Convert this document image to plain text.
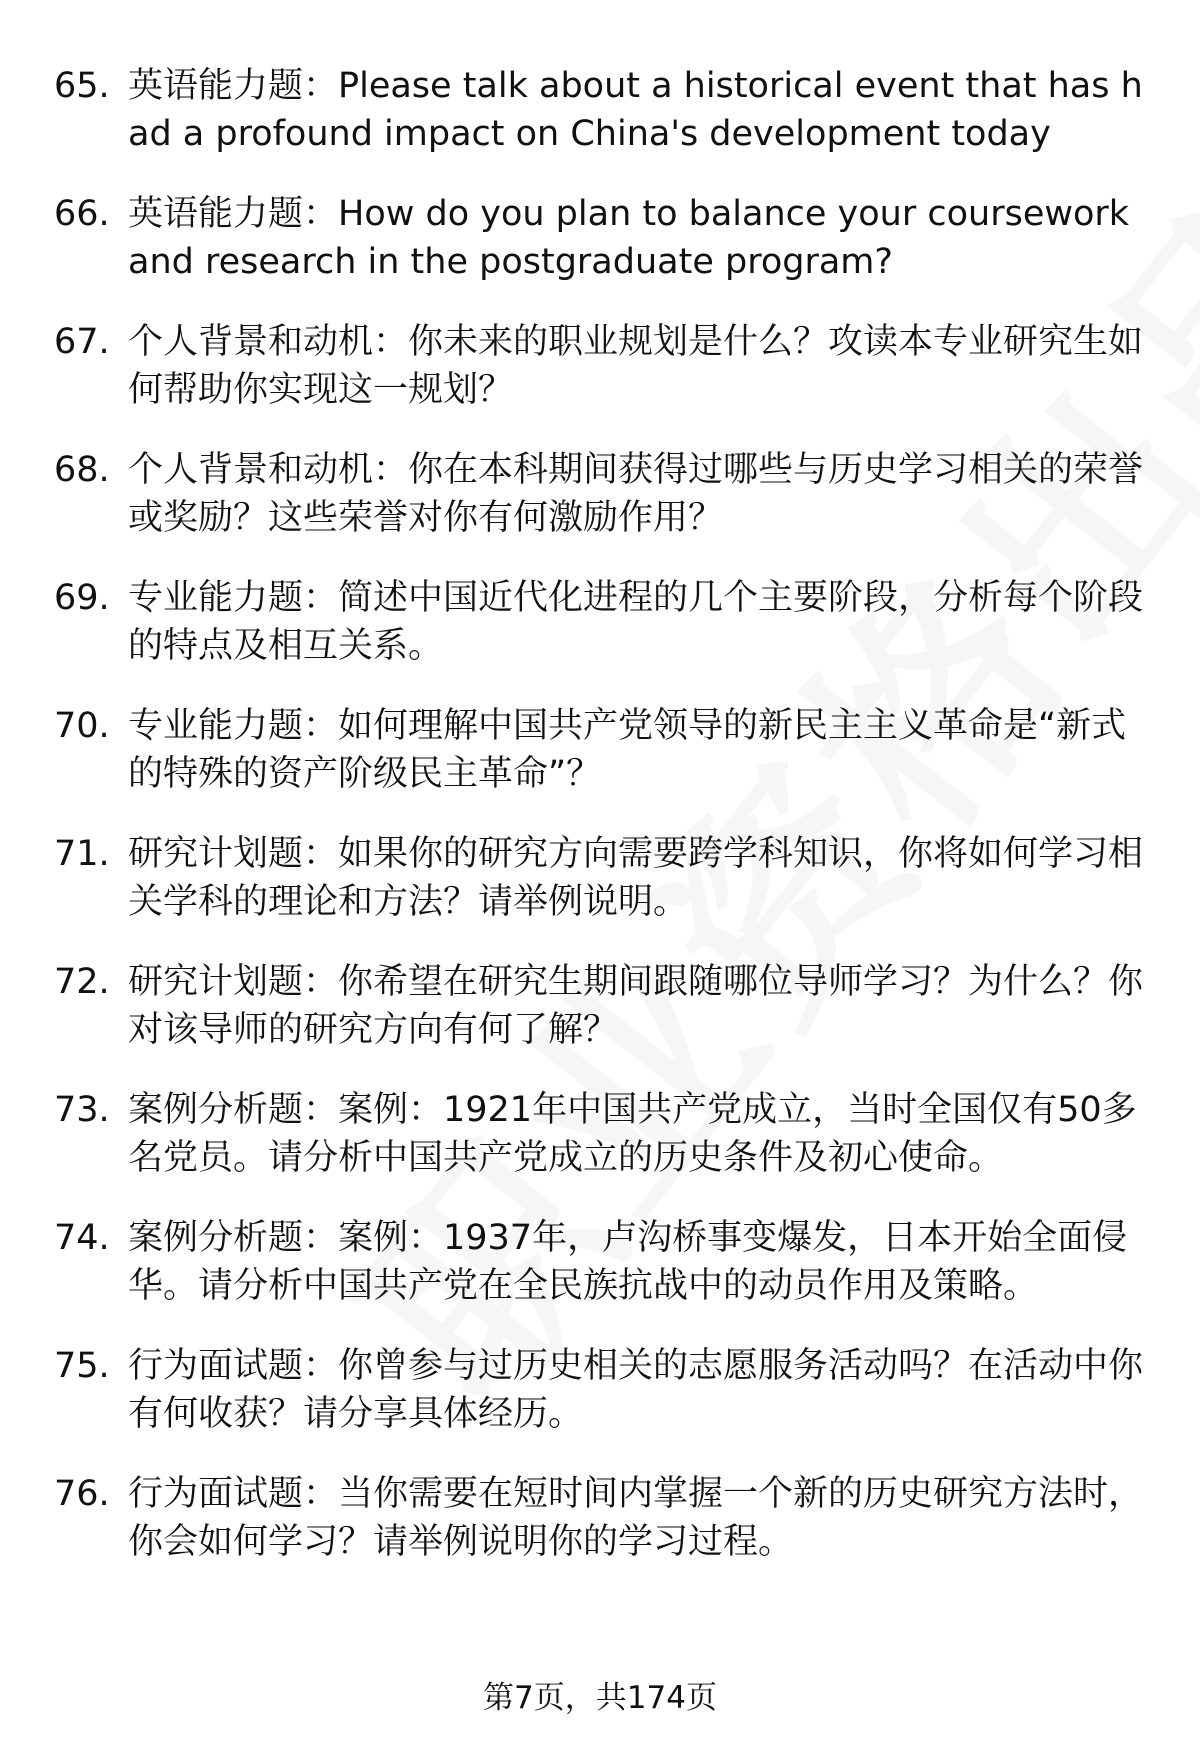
65. 英语能力题：Please talk about a historical event that has had a profound impact on China's development today
66. 英语能力题：How do you plan to balance your coursework and research in the postgraduate program?
67. 个人背景和动机：你未来的职业规划是什么？攻读本专业研究生如何帮助你实现这一规划？
68. 个人背景和动机：你在本科期间获得过哪些与历史学习相关的荣誉或奖励？这些荣誉对你有何激励作用？
69. 专业能力题：简述中国近代化进程的几个主要阶段，分析每个阶段的特点及相互关系。
70. 专业能力题：如何理解中国共产党领导的新民主主义革命是“新式的特殊的资产阶级民主革命”？
71. 研究计划题：如果你的研究方向需要跨学科知识，你将如何学习相关学科的理论和方法？请举例说明。
72. 研究计划题：你希望在研究生期间跟随哪位导师学习？为什么？你对该导师的研究方向有何了解？
73. 案例分析题：案例：1921年中国共产党成立，当时全国仅有50多名党员。请分析中国共产党成立的历史条件及初心使命。
74. 案例分析题：案例：1937年，卢沟桥事变爆发，日本开始全面侵华。请分析中国共产党在全民族抗战中的动员作用及策略。
75. 行为面试题：你曾参与过历史相关的志愿服务活动吗？在活动中你有何收获？请分享具体经历。
76. 行为面试题：当你需要在短时间内掌握一个新的历史研究方法时，你会如何学习？请举例说明你的学习过程。
第7页，共174页
